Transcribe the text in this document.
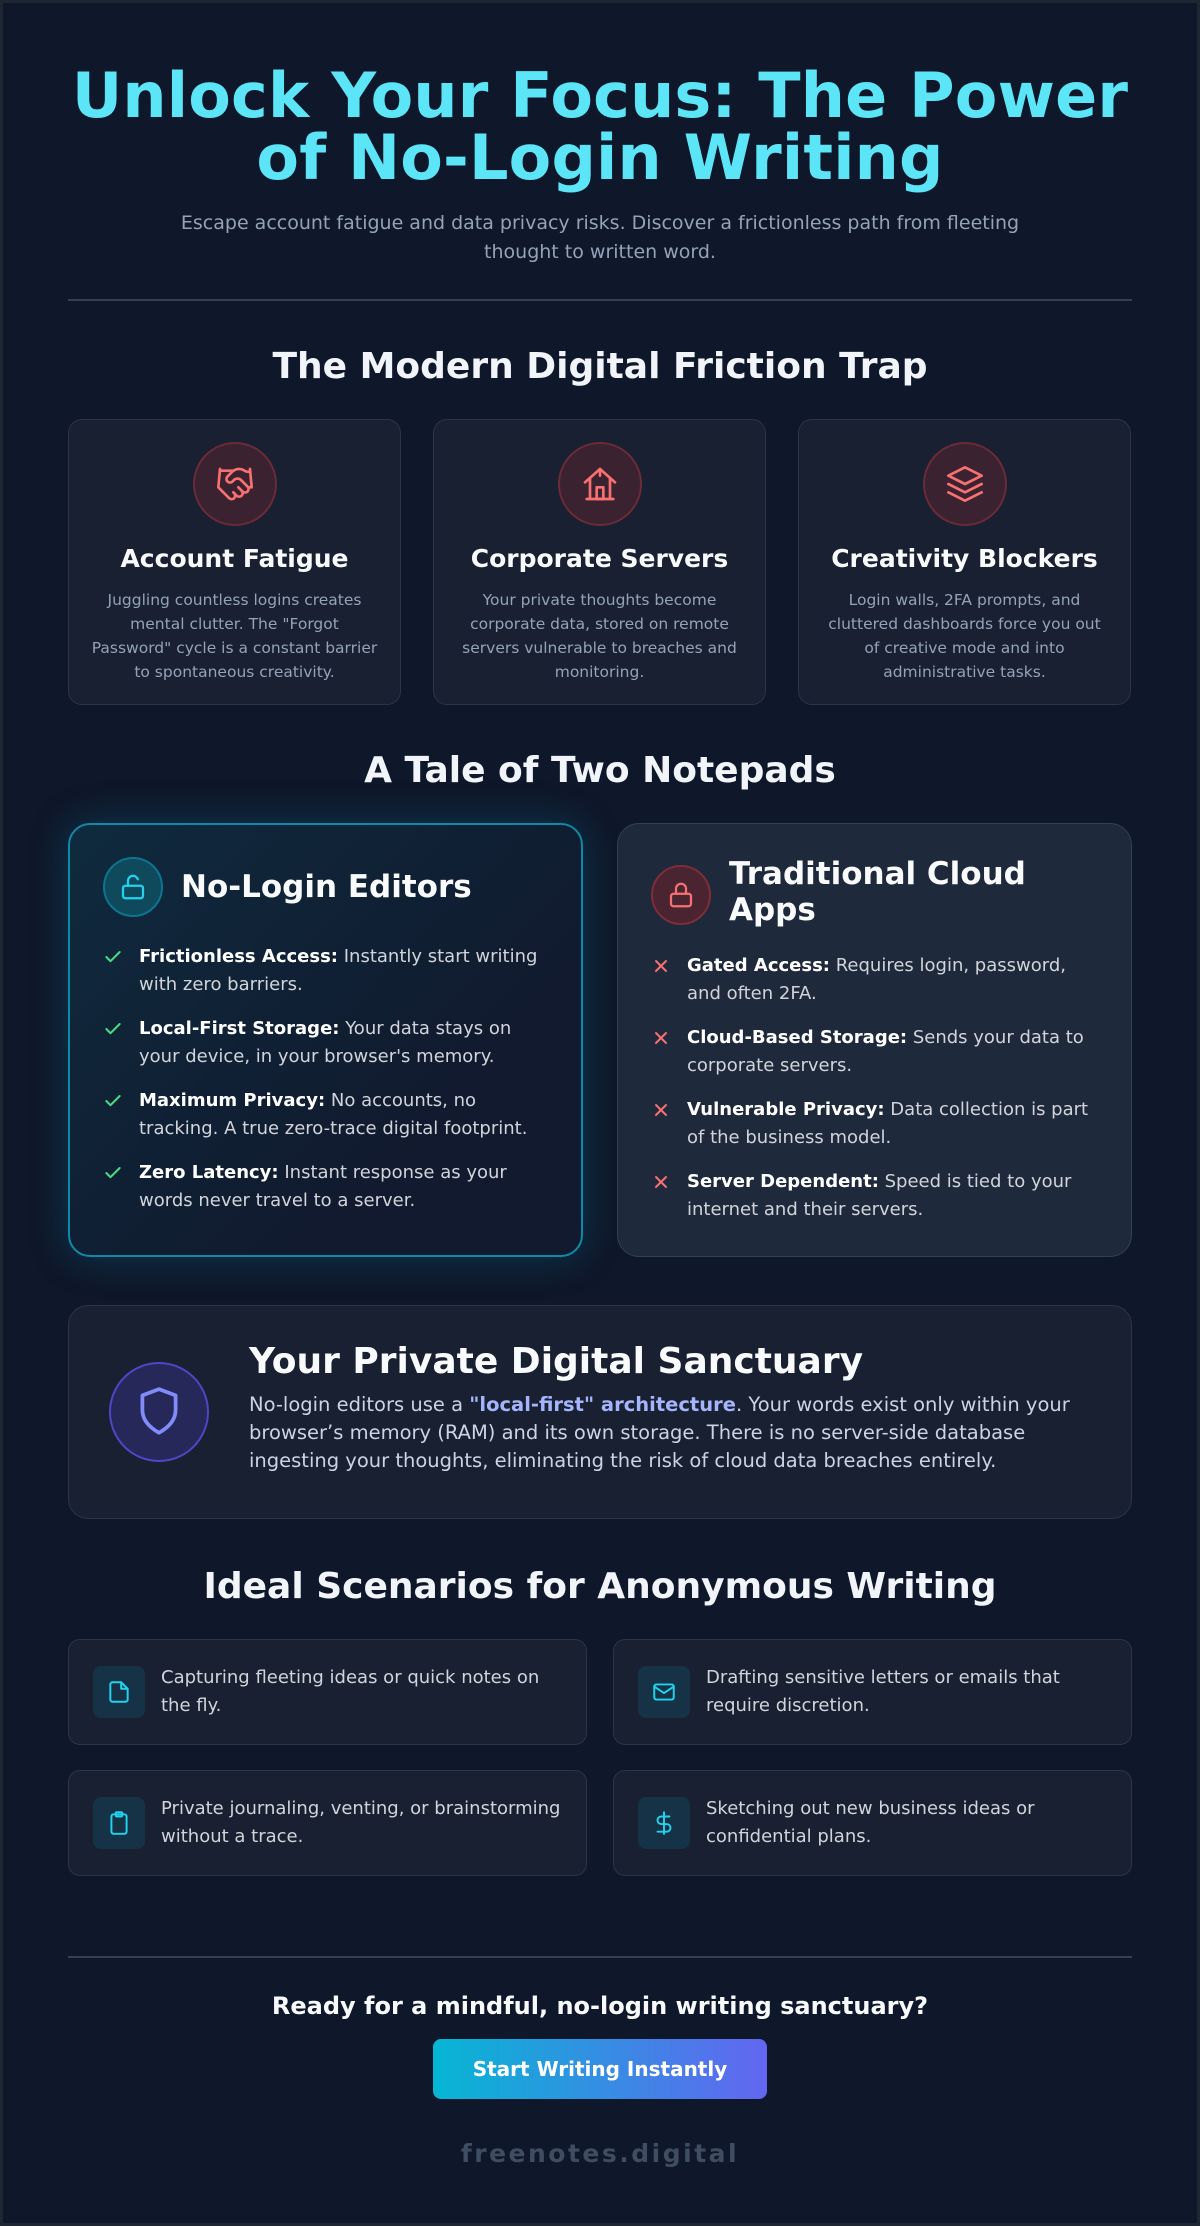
Unlock Your Focus: The Power of No-Login Writing

Escape account fatigue and data privacy risks. Discover a frictionless path from fleeting thought to written word.

The Modern Digital Friction Trap
Account Fatigue

Juggling countless logins creates mental clutter. The "Forgot Password" cycle is a constant barrier to spontaneous creativity.

Corporate Servers

Your private thoughts become corporate data, stored on remote servers vulnerable to breaches and monitoring.

Creativity Blockers

Login walls, 2FA prompts, and cluttered dashboards force you out of creative mode and into administrative tasks.

A Tale of Two Notepads
No-Login Editors
Frictionless Access: Instantly start writing with zero barriers.
Local-First Storage: Your data stays on your device, in your browser's memory.
Maximum Privacy: No accounts, no tracking. A true zero-trace digital footprint.
Zero Latency: Instant response as your words never travel to a server.
Traditional Cloud Apps
Gated Access: Requires login, password, and often 2FA.
Cloud-Based Storage: Sends your data to corporate servers.
Vulnerable Privacy: Data collection is part of the business model.
Server Dependent: Speed is tied to your internet and their servers.
Your Private Digital Sanctuary

No-login editors use a "local-first" architecture. Your words exist only within your browser’s memory (RAM) and its own storage. There is no server-side database ingesting your thoughts, eliminating the risk of cloud data breaches entirely.

Ideal Scenarios for Anonymous Writing

Capturing fleeting ideas or quick notes on the fly.

Drafting sensitive letters or emails that require discretion.

Private journaling, venting, or brainstorming without a trace.

Sketching out new business ideas or confidential plans.

Ready for a mindful, no-login writing sanctuary?

Start Writing Instantly
freenotes.digital
